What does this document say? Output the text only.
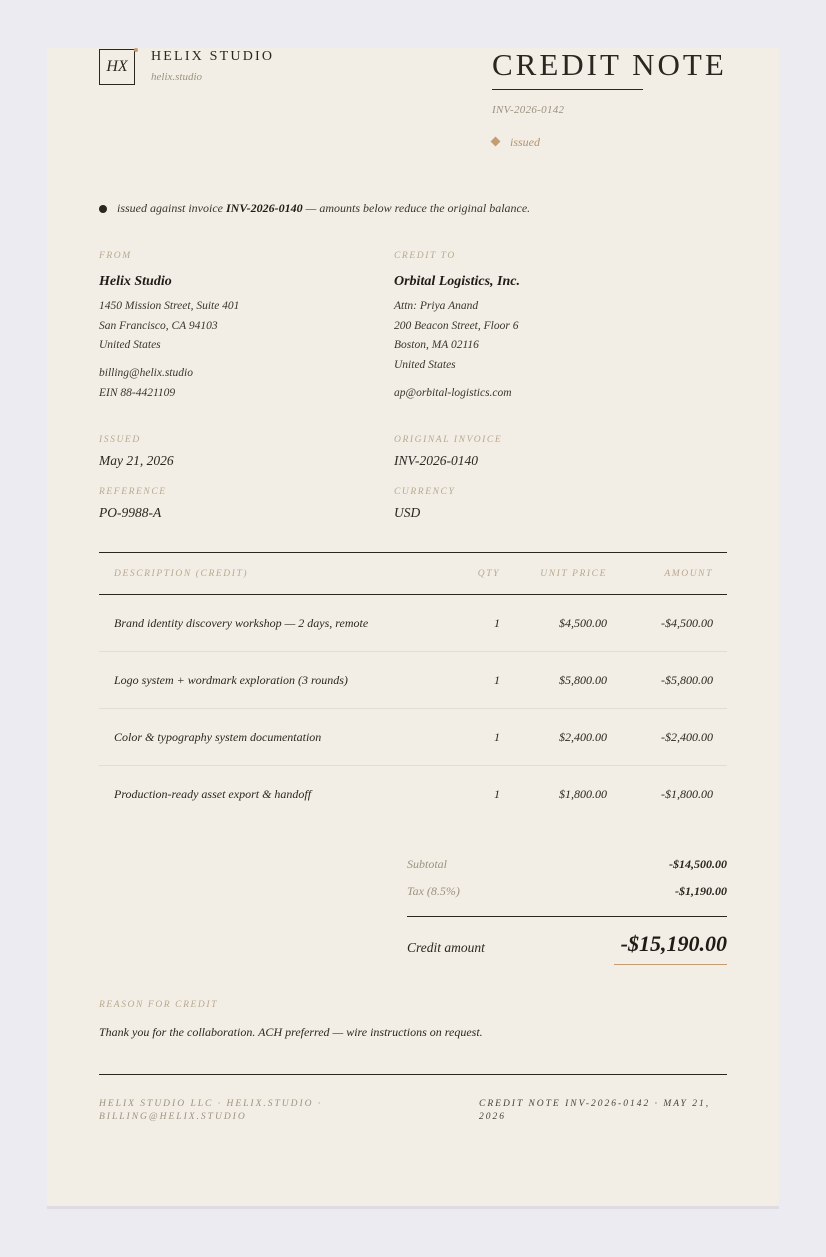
HX
HELIX STUDIO
helix.studio	CREDIT NOTE
INV-2026-0142
issued
issued against invoice INV-2026-0140 — amounts below reduce the original balance.
FROM
Helix Studio
1450 Mission Street, Suite 401
San Francisco, CA 94103
United States
billing@helix.studio
EIN 88-4421109
CREDIT TO
Orbital Logistics, Inc.
Attn: Priya Anand
200 Beacon Street, Floor 6
Boston, MA 02116
United States
ap@orbital-logistics.com
ISSUED
May 21, 2026
ORIGINAL INVOICE
INV-2026-0140
REFERENCE
PO-9988-A
CURRENCY
USD
DESCRIPTION (CREDIT)	QTY	UNIT PRICE	AMOUNT
Brand identity discovery workshop — 2 days, remote	1	$4,500.00	-$4,500.00
Logo system + wordmark exploration (3 rounds)	1	$5,800.00	-$5,800.00
Color & typography system documentation	1	$2,400.00	-$2,400.00
Production-ready asset export & handoff	1	$1,800.00	-$1,800.00
Subtotal	-$14,500.00
Tax (8.5%)	-$1,190.00
Credit amount	-$15,190.00
REASON FOR CREDIT
Thank you for the collaboration. ACH preferred — wire instructions on request.
HELIX STUDIO LLC · HELIX.STUDIO ·
BILLING@HELIX.STUDIO
CREDIT NOTE INV-2026-0142 · MAY 21,
2026
